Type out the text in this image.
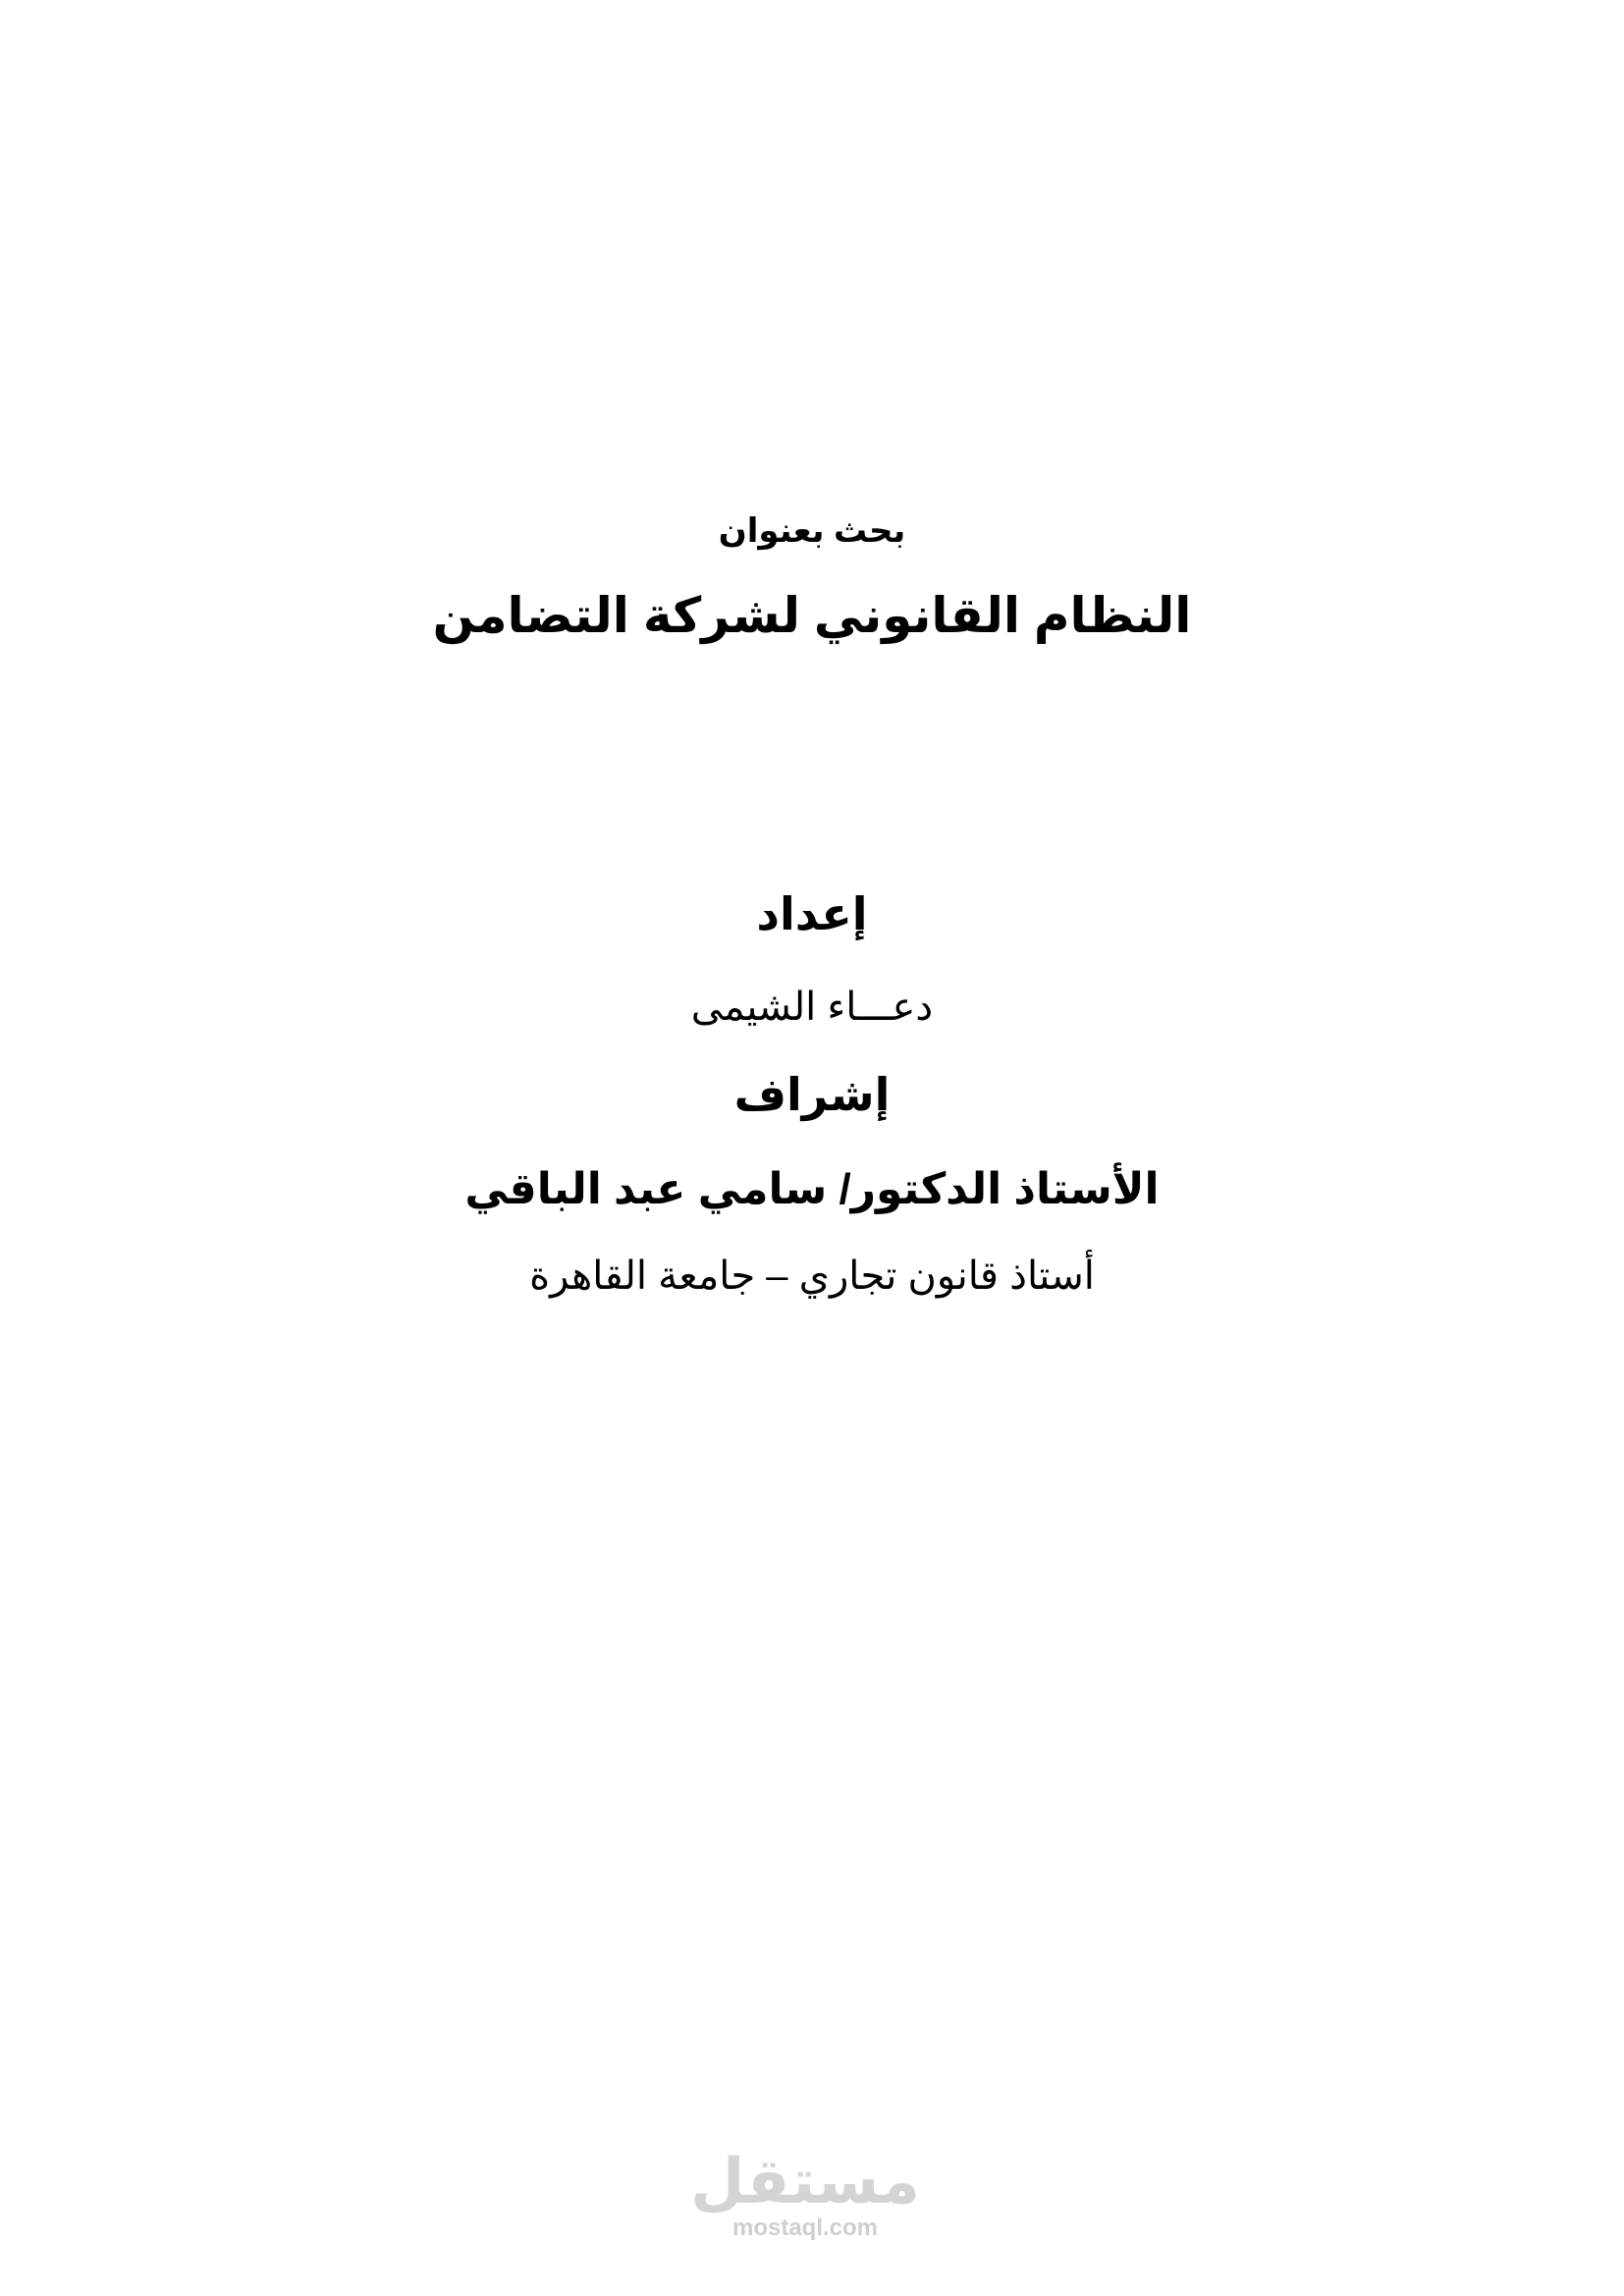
بحث بعنوان
النظام القانوني لشركة التضامن
إعداد
دعـــاء الشيمى
إشراف
الأستاذ الدكتور/ سامي عبد الباقي
أستاذ قانون تجاري – جامعة القاهرة
مستقل
mostaql.com
